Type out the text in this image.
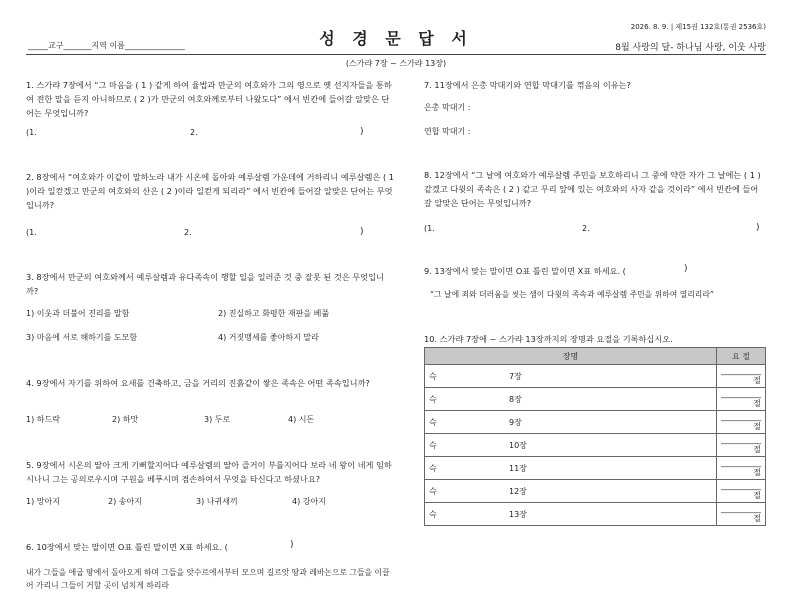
_____교구_______지역 이름_______________	성 경 문 답 서
2026. 8. 9. | 제15권 132호(통권 2536호)
8월 사랑의 달- 하나님 사랑, 이웃 사랑
(스가랴 7장 ~ 스가랴 13장)
1. 스가랴 7장에서 “그 마음을 ( 1 ) 같게 하여 율법과 만군의 여호와가 그의 영으로 옛 선지자들을 통하여 전한 말을 듣지 아니하므로 ( 2 )가 만군의 여호와께로부터 나왔도다” 에서 빈칸에 들어갈 알맞은 단어는 무엇입니까?
(1.	2.	)
2. 8장에서 “여호와가 이같이 말하노라 내가 시온에 돌아와 예루살렘 가운데에 거하리니 예루살렘은 ( 1 )이라 일컫겠고 만군의 여호와의 산은 ( 2 )이라 일컫게 되리라” 에서 빈칸에 들어갈 알맞은 단어는 무엇입니까?
(1.	2.	)
3. 8장에서 만군의 여호와께서 예루살렘과 유다족속이 행할 일을 일러준 것 중 잘못 된 것은 무엇입니까?
1) 이웃과 더불어 진리를 말함	2) 진실하고 화평한 재판을 베풂
3) 마음에 서로 해하기를 도모함	4) 거짓맹세를 좋아하지 말라
4. 9장에서 자기를 위하여 요새를 건축하고, 금을 거리의 진흙같이 쌓은 족속은 어떤 족속입니까?
1) 하드락	2) 하맛	3) 두로	4) 시돈
5. 9장에서 시온의 딸아 크게 기뻐할지어다 예루살렘의 딸아 즐거이 부를지어다 보라 네 왕이 네게 임하시나니 그는 공의로우시며 구원을 베푸시며 겸손하여서 무엇을 타신다고 하셨나요?
1) 망아지	2) 송아지	3) 나귀새끼	4) 강아지
6. 10장에서 맞는 말이면 O표 틀린 말이면 X표 하세요. (	)
내가 그들을 애굽 땅에서 돌아오게 하며 그들을 앗수르에서부터 모으며 길르앗 땅과 레바논으로 그들을 이끌어 가리니 그들이 거할 곳이 넘치게 하리라
7. 11장에서 은총 막대기와 연합 막대기를 꺾음의 이유는?
은총 막대기 :
연합 막대기 :
8. 12장에서 “그 날에 여호와가 예루살렘 주민을 보호하리니 그 중에 약한 자가 그 날에는 ( 1 ) 같겠고 다윗의 족속은 ( 2 ) 같고 무리 앞에 있는 여호와의 사자 같을 것이라” 에서 빈칸에 들어갈 알맞은 단어는 무엇입니까?
(1.	2.	)
9. 13장에서 맞는 말이면 O표 틀린 말이면 X표 하세요. (	)
“그 날에 죄와 더러움을 씻는 샘이 다윗의 족속과 예루살렘 주민을 위하여 열리리라”
10. 스가랴 7장에 ~ 스가랴 13장까지의 장명과 요절을 기록하십시오.
장명	요 절
슥 7장	__________절
슥 8장	__________절
슥 9장	__________절
슥 10장	__________절
슥 11장	__________절
슥 12장	__________절
슥 13장	__________절
